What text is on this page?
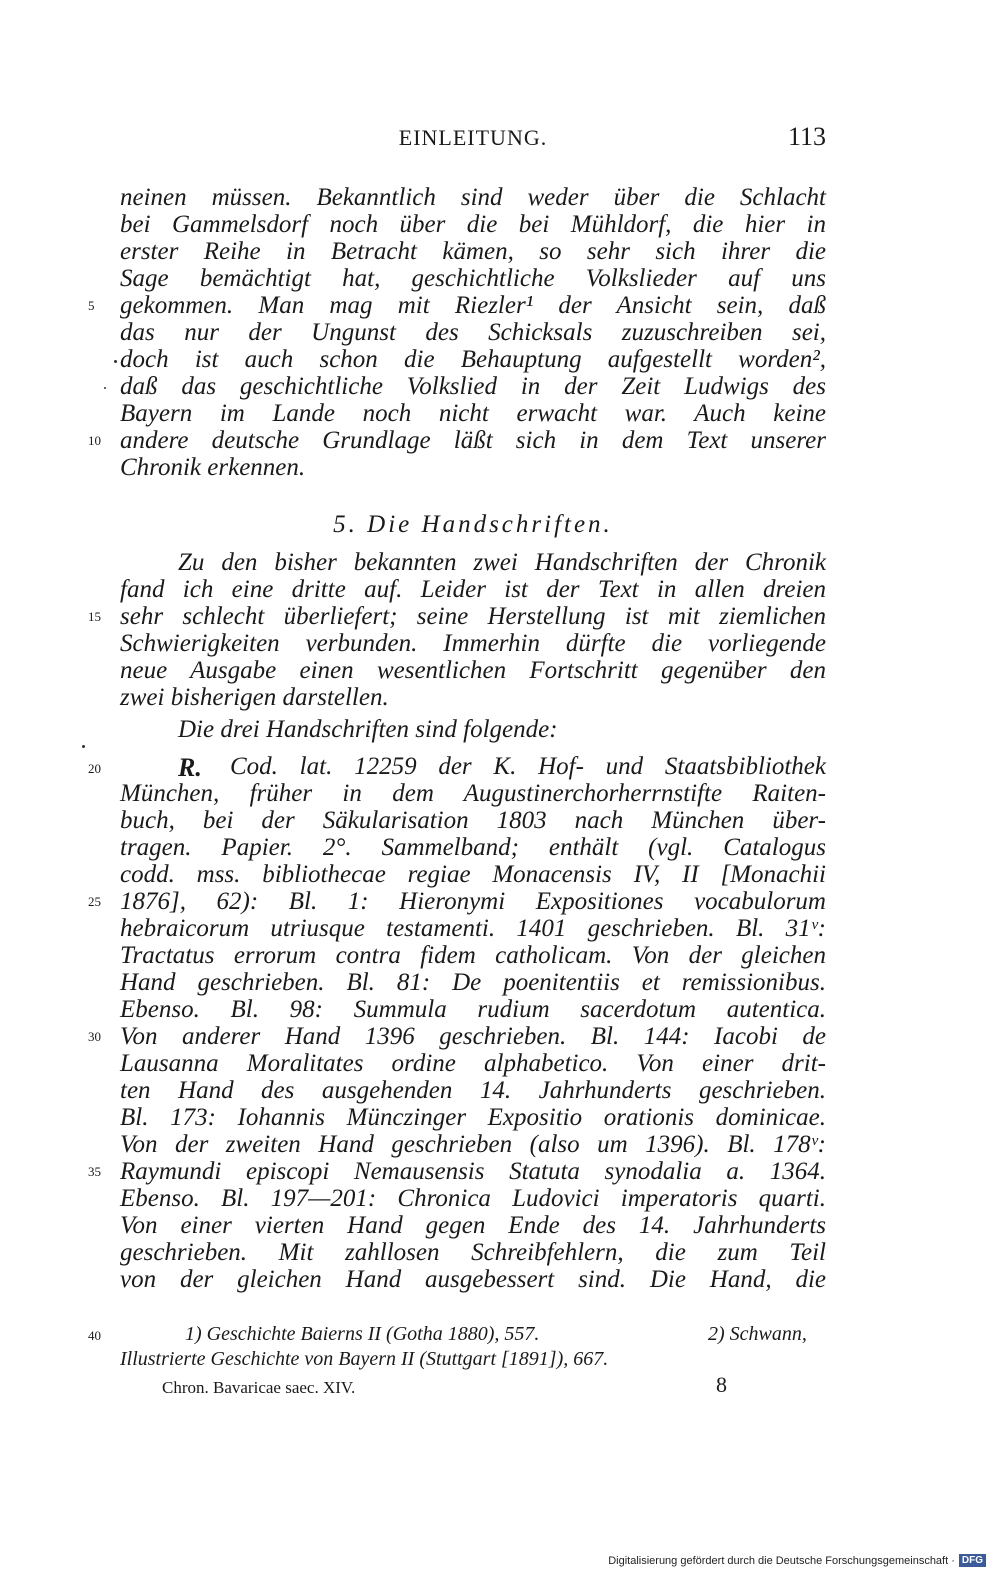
EINLEITUNG.	113
neinen müssen. Bekanntlich sind weder über die Schlacht
bei Gammelsdorf noch über die bei Mühldorf, die hier in
erster Reihe in Betracht kämen, so sehr sich ihrer die
Sage bemächtigt hat, geschichtliche Volkslieder auf uns
5	gekommen. Man mag mit Riezler¹ der Ansicht sein, daß
das nur der Ungunst des Schicksals zuzuschreiben sei,
doch ist auch schon die Behauptung aufgestellt worden²,
daß das geschichtliche Volkslied in der Zeit Ludwigs des
Bayern im Lande noch nicht erwacht war. Auch keine
10 andere deutsche Grundlage läßt sich in dem Text unserer
Chronik erkennen.
5. Die Handschriften.
Zu den bisher bekannten zwei Handschriften der Chronik
fand ich eine dritte auf. Leider ist der Text in allen dreien
15 sehr schlecht überliefert; seine Herstellung ist mit ziemlichen
Schwierigkeiten verbunden. Immerhin dürfte die vorliegende
neue Ausgabe einen wesentlichen Fortschritt gegenüber den
zwei bisherigen darstellen.
Die drei Handschriften sind folgende:
20	R. Cod. lat. 12259 der K. Hof- und Staatsbibliothek
München, früher in dem Augustinerchorherrnstifte Raiten-
buch, bei der Säkularisation 1803 nach München über-
tragen. Papier. 2°. Sammelband; enthält (vgl. Catalogus
codd. mss. bibliothecae regiae Monacensis IV, II [Monachii
25 1876], 62): Bl. 1: Hieronymi Expositiones vocabulorum
hebraicorum utriusque testamenti. 1401 geschrieben. Bl. 31ᵛ:
Tractatus errorum contra fidem catholicam. Von der gleichen
Hand geschrieben. Bl. 81: De poenitentiis et remissionibus.
Ebenso. Bl. 98: Summula rudium sacerdotum autentica.
30 Von anderer Hand 1396 geschrieben. Bl. 144: Iacobi de
Lausanna Moralitates ordine alphabetico. Von einer drit-
ten Hand des ausgehenden 14. Jahrhunderts geschrieben.
Bl. 173: Iohannis Münczinger Expositio orationis dominicae.
Von der zweiten Hand geschrieben (also um 1396). Bl. 178ᵛ:
35 Raymundi episcopi Nemausensis Statuta synodalia a. 1364.
Ebenso. Bl. 197—201: Chronica Ludovici imperatoris quarti.
Von einer vierten Hand gegen Ende des 14. Jahrhunderts
geschrieben. Mit zahllosen Schreibfehlern, die zum Teil
von der gleichen Hand ausgebessert sind. Die Hand, die
40	1) Geschichte Baierns II (Gotha 1880), 557.	2) Schwann,
Illustrierte Geschichte von Bayern II (Stuttgart [1891]), 667.
Chron. Bavaricae saec. XIV.	8
Digitalisierung gefördert durch die Deutsche Forschungsgemeinschaft · DFG
